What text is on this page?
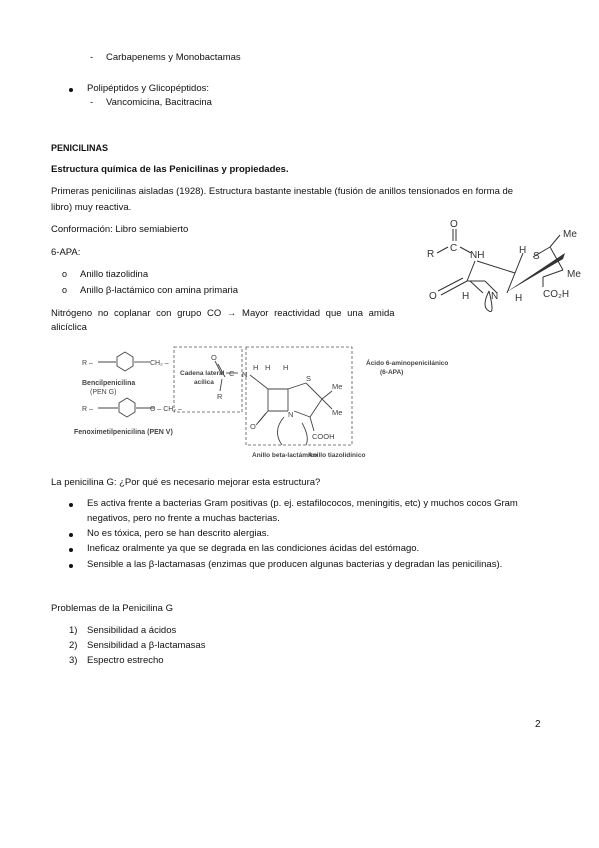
- Carbapenems y Monobactamas
Polipéptidos y Glicopéptidos:
- Vancomicina, Bacitracina
PENICILINAS
Estructura química de las Penicilinas y propiedades.
Primeras penicilinas aisladas (1928). Estructura bastante inestable (fusión de anillos tensionados en forma de
libro) muy reactiva.
Conformación: Libro semiabierto
6-APA:
o Anillo tiazolidina
o Anillo β-lactámico con amina primaria
Nitrógeno no coplanar con grupo CO → Mayor reactividad que una amida
alicíclica
O
R
C
NH	H
S
Me
Me
O	H N H CO₂H
R –	CH₂ –
Bencilpenicilina
(PEN G)
R –	O – CH₂ –
Fenoximetilpenicilina (PEN V)
Cadena lateral
acílica
Ácido 6-aminopenicilánico
(6-APA)
Anillo beta-lactámico
Anillo tiazolidínico
C
O
R
H
N
H H
S
Me
Me
N
O
COOH
La penicilina G: ¿Por qué es necesario mejorar esta estructura?
Es activa frente a bacterias Gram positivas (p. ej. estafilococos, meningitis, etc) y muchos cocos Gram
negativos, pero no frente a muchas bacterias.
No es tóxica, pero se han descrito alergias.
Ineficaz oralmente ya que se degrada en las condiciones ácidas del estómago.
Sensible a las β-lactamasas (enzimas que producen algunas bacterias y degradan las penicilinas).
Problemas de la Penicilina G
1) Sensibilidad a ácidos
2) Sensibilidad a β-lactamasas
3) Espectro estrecho
2
